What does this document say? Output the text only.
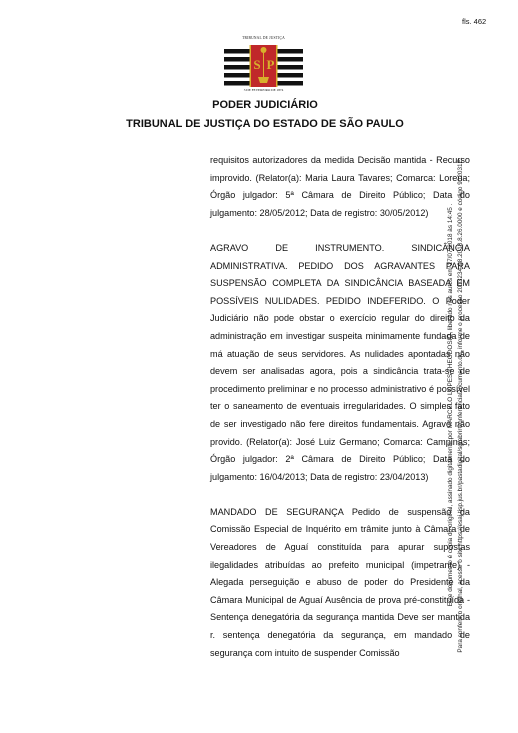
fls. 462
TRIBUNAL DE JUSTIÇA
S P
3 DE FEVEREIRO DE 1874
PODER JUDICIÁRIO
TRIBUNAL DE JUSTIÇA DO ESTADO DE SÃO PAULO

requisitos autorizadores da medida Decisão mantida - Recurso improvido. (Relator(a): Maria Laura Tavares; Comarca: Lorena; Órgão julgador: 5ª Câmara de Direito Público; Data do julgamento: 28/05/2012; Data de registro: 30/05/2012)

AGRAVO DE INSTRUMENTO. SINDICÂNCIA ADMINISTRATIVA. PEDIDO DOS AGRAVANTES PARA SUSPENSÃO COMPLETA DA SINDICÂNCIA BASEADA EM POSSÍVEIS NULIDADES. PEDIDO INDEFERIDO. O Poder Judiciário não pode obstar o exercício regular do direito da administração em investigar suspeita minimamente fundada de má atuação de seus servidores. As nulidades apontadas não devem ser analisadas agora, pois a sindicância trata-se de procedimento preliminar e no processo administrativo é possível ter o saneamento de eventuais irregularidades. O simples fato de ser investigado não fere direitos fundamentais. Agravo não provido. (Relator(a): José Luiz Germano; Comarca: Campinas; Órgão julgador: 2ª Câmara de Direito Público; Data do julgamento: 16/04/2013; Data de registro: 23/04/2013)

MANDADO DE SEGURANÇA Pedido de suspensão da Comissão Especial de Inquérito em trâmite junto à Câmara de Vereadores de Aguaí constituída para apurar supostas ilegalidades atribuídas ao prefeito municipal (impetrante) - Alegada perseguição e abuso de poder do Presidente da Câmara Municipal de Aguaí Ausência de prova pré-constituída - Sentença denegatória da segurança mantida Deve ser mantida r. sentença denegatória da segurança, em mandado de segurança com intuito de suspender Comissão

Este documento é cópia do original, assinado digitalmente por MARCELO LOPES THEODOSIO, liberado nos autos em 17/07/2018 às 14:45 . Para conferir o original, acesse o site https://esaj.tjsp.jus.br/pastadigital/sg/abrirConferenciaDocumento.do, informe o processo 2013234-98.2018.8.26.0000 e código 902031E.
